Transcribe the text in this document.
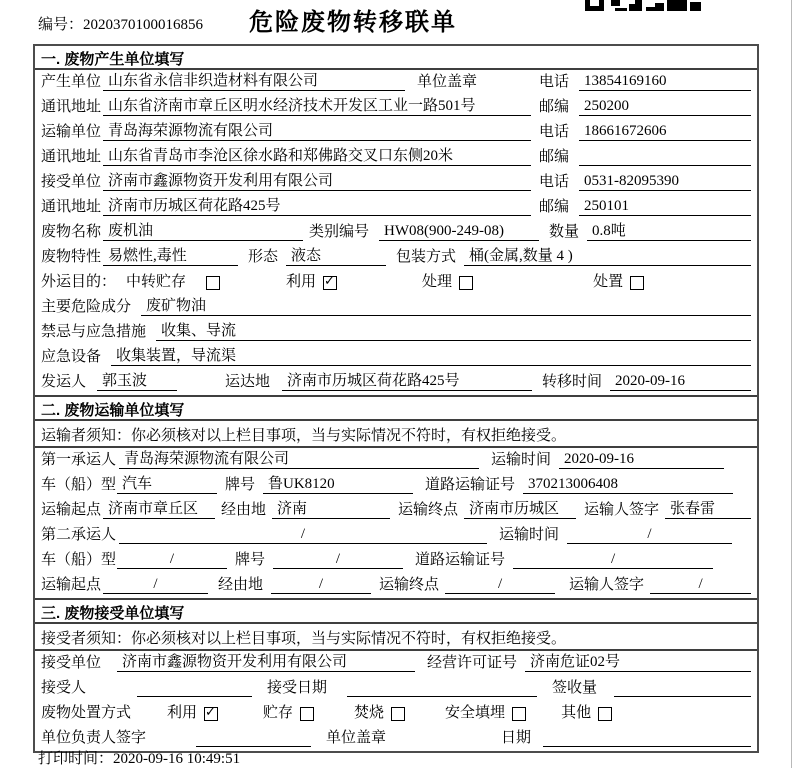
编号：2020370100016856	危险废物转移联单
一. 废物产生单位填写
产生单位 山东省永信非织造材料有限公司	单位盖章	电话 13854169160
通讯地址 山东省济南市章丘区明水经济技术开发区工业一路501号	邮编 250200
运输单位 青岛海荣源物流有限公司	电话 18661672606
通讯地址 山东省青岛市李沧区徐水路和郑佛路交叉口东侧20米	邮编
接受单位 济南市鑫源物资开发利用有限公司	电话 0531-82095390
通讯地址 济南市历城区荷花路425号	邮编 250101
废物名称 废机油	类别编号	HW08(900-249-08)	数量 0.8吨
废物特性 易燃性,毒性	形态 液态	包装方式 桶(金属,数量 4 )
外运目的： 中转贮存	利用 ✓	处理	处置
主要危险成分	废矿物油
禁忌与应急措施	收集、导流
应急设备 收集装置，导流渠
发运人	郭玉波	运达地	济南市历城区荷花路425号	转移时间 2020-09-16
二. 废物运输单位填写
运输者须知：你必须核对以上栏目事项，当与实际情况不符时，有权拒绝接受。
第一承运人 青岛海荣源物流有限公司	运输时间 2020-09-16
车（船）型 汽车	牌号 鲁UK8120	道路运输证号 370213006408
运输起点 济南市章丘区	经由地 济南	运输终点 济南市历城区	运输人签字 张春雷
第二承运人	/	运输时间	/
车（船）型	/	牌号	/	道路运输证号	/
运输起点	/	经由地	/	运输终点	/	运输人签字	/
三. 废物接受单位填写
接受者须知：你必须核对以上栏目事项，当与实际情况不符时，有权拒绝接受。
接受单位	济南市鑫源物资开发利用有限公司	经营许可证号 济南危证02号
接受人	接受日期	签收量
废物处置方式	利用 ✓	贮存	焚烧	安全填埋	其他
单位负责人签字	单位盖章	日期
打印时间：2020-09-16 10:49:51
